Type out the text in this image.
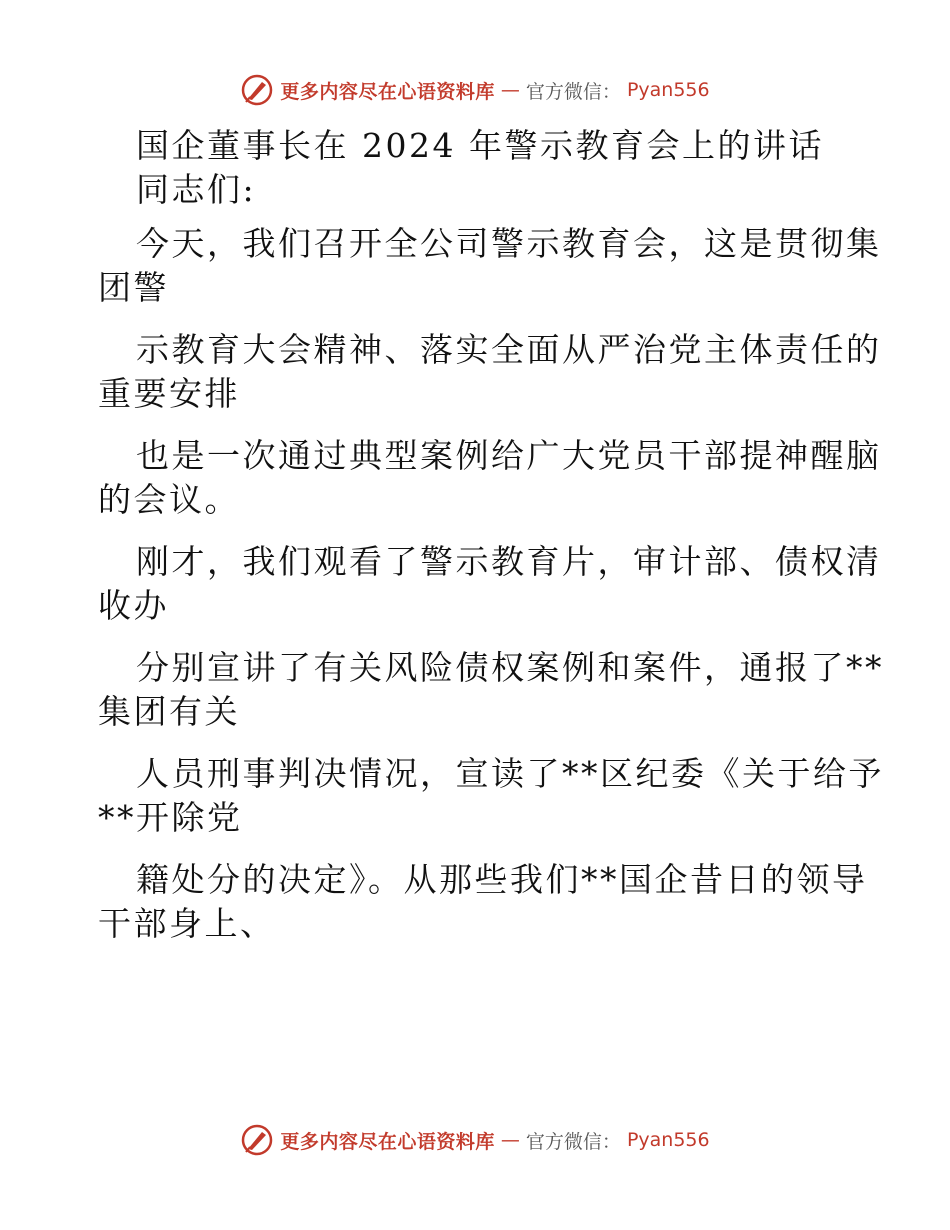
更多内容尽在心语资料库 — 官方微信： Pyan556
国企董事长在 2024 年警示教育会上的讲话
同志们:
今天，我们召开全公司警示教育会，这是贯彻集
团警
示教育大会精神、落实全面从严治党主体责任的
重要安排
也是一次通过典型案例给广大党员干部提神醒脑
的会议。
刚才，我们观看了警示教育片，审计部、债权清
收办
分别宣讲了有关风险债权案例和案件，通报了**
集团有关
人员刑事判决情况，宣读了**区纪委《关于给予
**开除党
籍处分的决定》。从那些我们**国企昔日的领导
干部身上、
更多内容尽在心语资料库 — 官方微信： Pyan556
